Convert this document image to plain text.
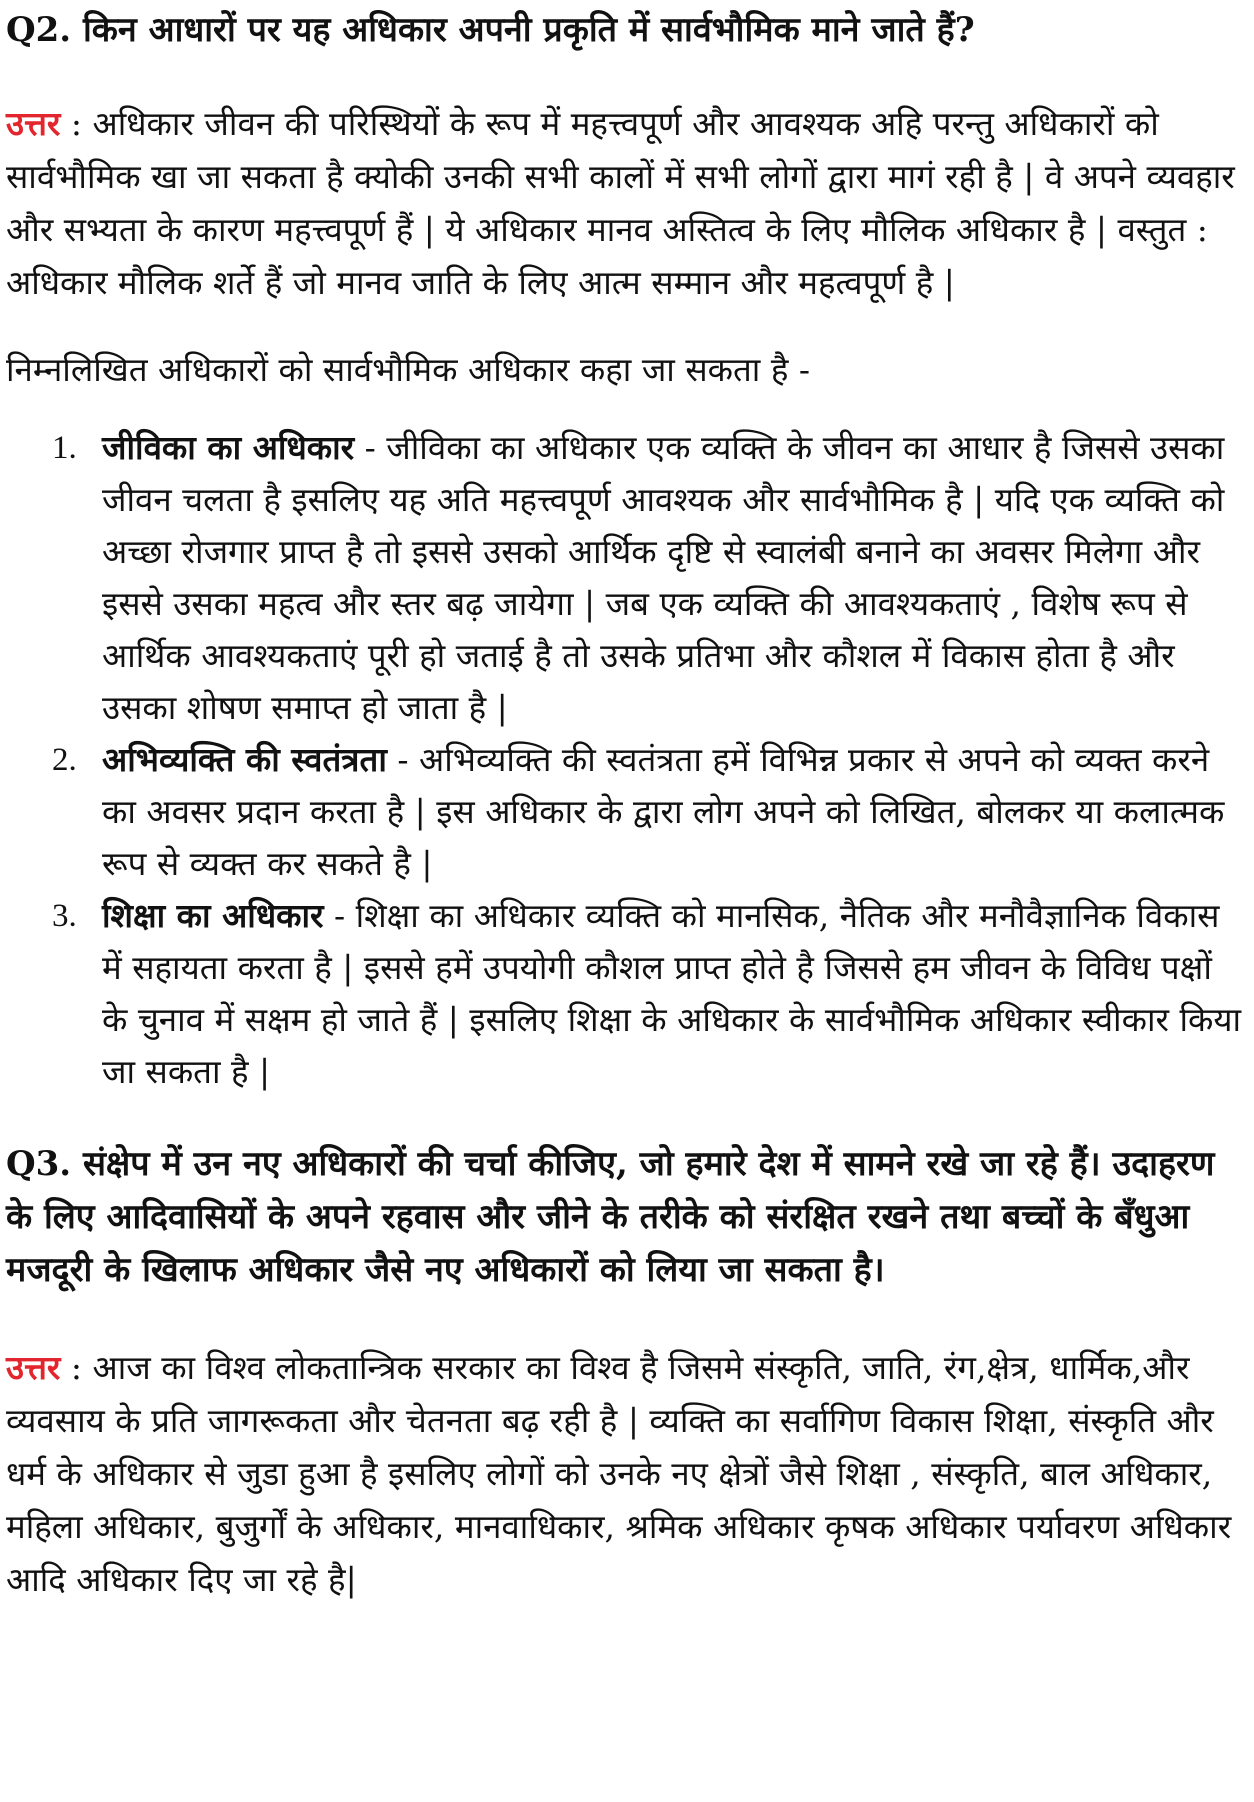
Q2. किन आधारों पर यह अधिकार अपनी प्रकृति में सार्वभौमिक माने जाते हैं?

उत्तर : अधिकार जीवन की परिस्थियों के रूप में महत्त्वपूर्ण और आवश्यक अहि परन्तु अधिकारों को सार्वभौमिक खा जा सकता है क्योकी उनकी सभी कालों में सभी लोगों द्वारा मागं रही है | वे अपने व्यवहार और सभ्यता के कारण महत्त्वपूर्ण हैं | ये अधिकार मानव अस्तित्व के लिए मौलिक अधिकार है | वस्तुत : अधिकार मौलिक शर्ते हैं जो मानव जाति के लिए आत्म सम्मान और महत्वपूर्ण है |

निम्नलिखित अधिकारों को सार्वभौमिक अधिकार कहा जा सकता है -

1. जीविका का अधिकार - जीविका का अधिकार एक व्यक्ति के जीवन का आधार है जिससे उसका जीवन चलता है इसलिए यह अति महत्त्वपूर्ण आवश्यक और सार्वभौमिक है | यदि एक व्यक्ति को अच्छा रोजगार प्राप्त है तो इससे उसको आर्थिक दृष्टि से स्वालंबी बनाने का अवसर मिलेगा और इससे उसका महत्व और स्तर बढ़ जायेगा | जब एक व्यक्ति की आवश्यकताएं , विशेष रूप से आर्थिक आवश्यकताएं पूरी हो जताई है तो उसके प्रतिभा और कौशल में विकास होता है और उसका शोषण समाप्त हो जाता है |
2. अभिव्यक्ति की स्वतंत्रता - अभिव्यक्ति की स्वतंत्रता हमें विभिन्न प्रकार से अपने को व्यक्त करने का अवसर प्रदान करता है | इस अधिकार के द्वारा लोग अपने को लिखित, बोलकर या कलात्मक रूप से व्यक्त कर सकते है |
3. शिक्षा का अधिकार - शिक्षा का अधिकार व्यक्ति को मानसिक, नैतिक और मनौवैज्ञानिक विकास में सहायता करता है | इससे हमें उपयोगी कौशल प्राप्त होते है जिससे हम जीवन के विविध पक्षों के चुनाव में सक्षम हो जाते हैं | इसलिए शिक्षा के अधिकार के सार्वभौमिक अधिकार स्वीकार किया जा सकता है |

Q3. संक्षेप में उन नए अधिकारों की चर्चा कीजिए, जो हमारे देश में सामने रखे जा रहे हैं। उदाहरण के लिए आदिवासियों के अपने रहवास और जीने के तरीके को संरक्षित रखने तथा बच्चों के बँधुआ मजदूरी के खिलाफ अधिकार जैसे नए अधिकारों को लिया जा सकता है।

उत्तर : आज का विश्व लोकतान्त्रिक सरकार का विश्व है जिसमे संस्कृति, जाति, रंग,क्षेत्र, धार्मिक,और व्यवसाय के प्रति जागरूकता और चेतनता बढ़ रही है | व्यक्ति का सर्वागिण विकास शिक्षा, संस्कृति और धर्म के अधिकार से जुडा हुआ है इसलिए लोगों को उनके नए क्षेत्रों जैसे शिक्षा , संस्कृति, बाल अधिकार, महिला अधिकार, बुजुर्गों के अधिकार, मानवाधिकार, श्रमिक अधिकार कृषक अधिकार पर्यावरण अधिकार आदि अधिकार दिए जा रहे है|
